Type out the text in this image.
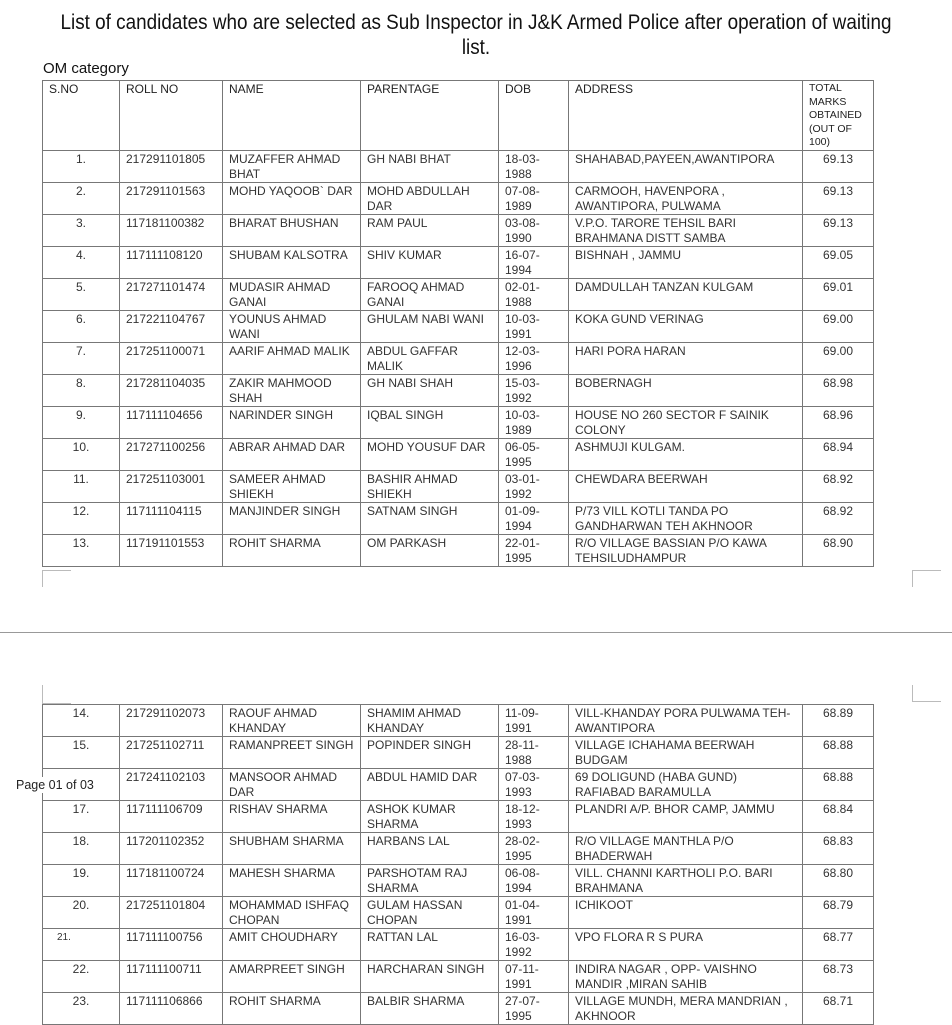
List of candidates who are selected as Sub Inspector in J&K Armed Police after operation of waiting list.
OM category
S.NO	ROLL NO	NAME	PARENTAGE	DOB	ADDRESS	TOTAL MARKS OBTAINED (OUT OF 100)
1.	217291101805	MUZAFFER AHMAD BHAT	GH NABI BHAT	18-03-1988	SHAHABAD,PAYEEN,AWANTIPORA	69.13
2.	217291101563	MOHD YAQOOB` DAR	MOHD ABDULLAH DAR	07-08-1989	CARMOOH, HAVENPORA , AWANTIPORA, PULWAMA	69.13
3.	117181100382	BHARAT BHUSHAN	RAM PAUL	03-08-1990	V.P.O. TARORE TEHSIL BARI BRAHMANA DISTT SAMBA	69.13
4.	117111108120	SHUBAM KALSOTRA	SHIV KUMAR	16-07-1994	BISHNAH , JAMMU	69.05
5.	217271101474	MUDASIR AHMAD GANAI	FAROOQ AHMAD GANAI	02-01-1988	DAMDULLAH TANZAN KULGAM	69.01
6.	217221104767	YOUNUS AHMAD WANI	GHULAM NABI WANI	10-03-1991	KOKA GUND VERINAG	69.00
7.	217251100071	AARIF AHMAD MALIK	ABDUL GAFFAR MALIK	12-03-1996	HARI PORA HARAN	69.00
8.	217281104035	ZAKIR MAHMOOD SHAH	GH NABI SHAH	15-03-1992	BOBERNAGH	68.98
9.	117111104656	NARINDER SINGH	IQBAL SINGH	10-03-1989	HOUSE NO 260 SECTOR F SAINIK COLONY	68.96
10.	217271100256	ABRAR AHMAD DAR	MOHD YOUSUF DAR	06-05-1995	ASHMUJI KULGAM.	68.94
11.	217251103001	SAMEER AHMAD SHIEKH	BASHIR AHMAD SHIEKH	03-01-1992	CHEWDARA BEERWAH	68.92
12.	117111104115	MANJINDER SINGH	SATNAM SINGH	01-09-1994	P/73 VILL KOTLI TANDA PO GANDHARWAN TEH AKHNOOR	68.92
13.	117191101553	ROHIT SHARMA	OM PARKASH	22-01-1995	R/O VILLAGE BASSIAN P/O KAWA TEHSILUDHAMPUR	68.90
14.	217291102073	RAOUF AHMAD KHANDAY	SHAMIM AHMAD KHANDAY	11-09-1991	VILL-KHANDAY PORA PULWAMA TEH-AWANTIPORA	68.89
15.	217251102711	RAMANPREET SINGH	POPINDER SINGH	28-11-1988	VILLAGE ICHAHAMA BEERWAH BUDGAM	68.88
	217241102103	MANSOOR AHMAD DAR	ABDUL HAMID DAR	07-03-1993	69 DOLIGUND (HABA GUND) RAFIABAD BARAMULLA	68.88
17.	117111106709	RISHAV SHARMA	ASHOK KUMAR SHARMA	18-12-1993	PLANDRI A/P. BHOR CAMP, JAMMU	68.84
18.	117201102352	SHUBHAM SHARMA	HARBANS LAL	28-02-1995	R/O VILLAGE MANTHLA P/O BHADERWAH	68.83
19.	117181100724	MAHESH SHARMA	PARSHOTAM RAJ SHARMA	06-08-1994	VILL. CHANNI KARTHOLI P.O. BARI BRAHMANA	68.80
20.	217251101804	MOHAMMAD ISHFAQ CHOPAN	GULAM HASSAN CHOPAN	01-04-1991	ICHIKOOT	68.79
21.	117111100756	AMIT CHOUDHARY	RATTAN LAL	16-03-1992	VPO FLORA R S PURA	68.77
22.	117111100711	AMARPREET SINGH	HARCHARAN SINGH	07-11-1991	INDIRA NAGAR , OPP- VAISHNO MANDIR ,MIRAN SAHIB	68.73
23.	117111106866	ROHIT SHARMA	BALBIR SHARMA	27-07-1995	VILLAGE MUNDH, MERA MANDRIAN , AKHNOOR	68.71
Page 01 of 03
